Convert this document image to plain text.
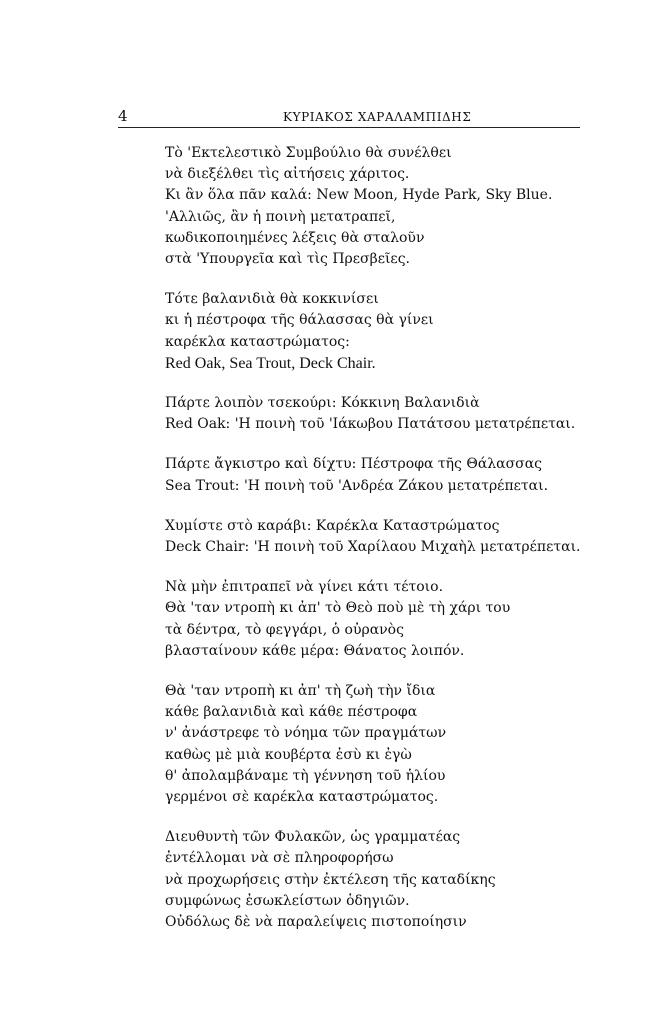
4	ΚΥΡΙΑΚΟΣ ΧΑΡΑΛΑΜΠΙΔΗΣ
Τὸ 'Εκτελεστικὸ Συμβούλιο θὰ συνέλθει
νὰ διεξέλθει τὶς αἰτήσεις χάριτος.
Κι ἂν ὅλα πᾶν καλά: New Moon, Hyde Park, Sky Blue.
'Αλλιῶς, ἂν ἡ ποινὴ μετατραπεῖ,
κωδικοποιημένες λέξεις θὰ σταλοῦν
στὰ 'Υπουργεῖα καὶ τὶς Πρεσβεῖες.
Τότε βαλανιδιὰ θὰ κοκκινίσει
κι ἡ πέστροφα τῆς θάλασσας θὰ γίνει
καρέκλα καταστρώματος:
Red Oak, Sea Trout, Deck Chair.
Πάρτε λοιπὸν τσεκούρι: Κόκκινη Βαλανιδιὰ
Red Oak: 'Η ποινὴ τοῦ 'Ιάκωβου Πατάτσου μετατρέπεται.
Πάρτε ἄγκιστρο καὶ δίχτυ: Πέστροφα τῆς Θάλασσας
Sea Trout: 'Η ποινὴ τοῦ 'Ανδρέα Ζάκου μετατρέπεται.
Χυμίστε στὸ καράβι: Καρέκλα Καταστρώματος
Deck Chair: 'Η ποινὴ τοῦ Χαρίλαου Μιχαὴλ μετατρέπεται.
Νὰ μὴν ἐπιτραπεῖ νὰ γίνει κάτι τέτοιο.
Θὰ 'ταν ντροπὴ κι ἀπ' τὸ Θεὸ ποὺ μὲ τὴ χάρι του
τὰ δέντρα, τὸ φεγγάρι, ὁ οὐρανὸς
βλασταίνουν κάθε μέρα: Θάνατος λοιπόν.
Θὰ 'ταν ντροπὴ κι ἀπ' τὴ ζωὴ τὴν ἴδια
κάθε βαλανιδιὰ καὶ κάθε πέστροφα
ν' ἀνάστρεφε τὸ νόημα τῶν πραγμάτων
καθὼς μὲ μιὰ κουβέρτα ἐσὺ κι ἐγὼ
θ' ἀπολαμβάναμε τὴ γέννηση τοῦ ἡλίου
γερμένοι σὲ καρέκλα καταστρώματος.
Διευθυντὴ τῶν Φυλακῶν, ὡς γραμματέας
ἐντέλλομαι νὰ σὲ πληροφορήσω
νὰ προχωρήσεις στὴν ἐκτέλεση τῆς καταδίκης
συμφώνως ἐσωκλείστων ὁδηγιῶν.
Οὐδόλως δὲ νὰ παραλείψεις πιστοποίησιν
